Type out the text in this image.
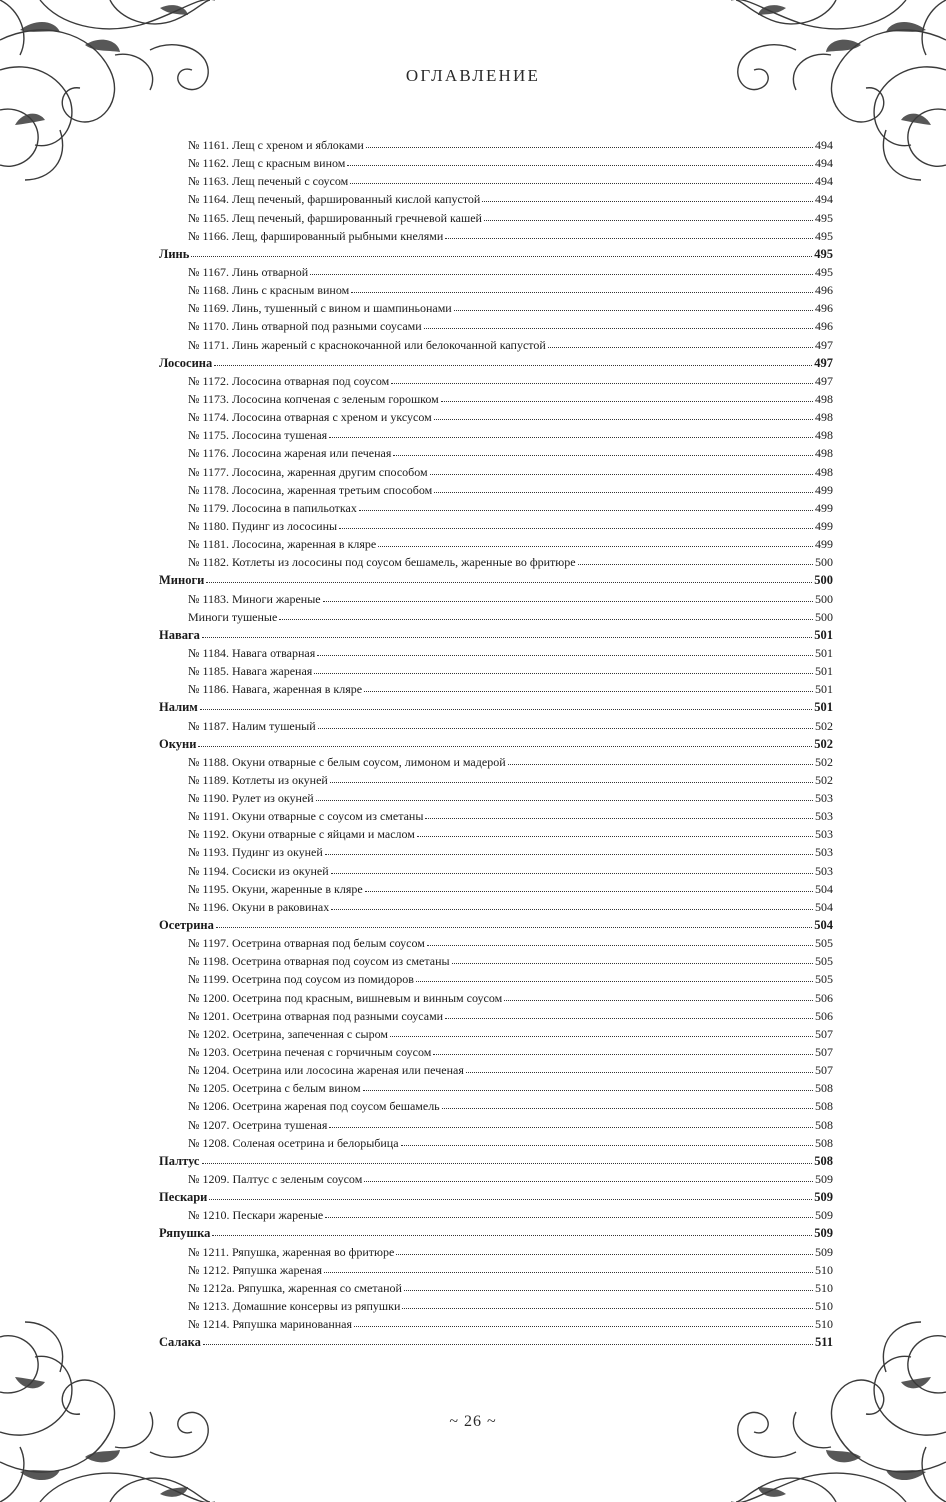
ОГЛАВЛЕНИЕ
№ 1161. Лещ с хреном и яблоками	494
№ 1162. Лещ с красным вином	494
№ 1163. Лещ печеный с соусом	494
№ 1164. Лещ печеный, фаршированный кислой капустой	494
№ 1165. Лещ печеный, фаршированный гречневой кашей	495
№ 1166. Лещ, фаршированный рыбными кнелями	495
Линь	495
№ 1167. Линь отварной	495
№ 1168. Линь с красным вином	496
№ 1169. Линь, тушенный с вином и шампиньонами	496
№ 1170. Линь отварной под разными соусами	496
№ 1171. Линь жареный с краснокочанной или белокочанной капустой	497
Лососина	497
№ 1172. Лососина отварная под соусом	497
№ 1173. Лососина копченая с зеленым горошком	498
№ 1174. Лососина отварная с хреном и уксусом	498
№ 1175. Лососина тушеная	498
№ 1176. Лососина жареная или печеная	498
№ 1177. Лососина, жаренная другим способом	498
№ 1178. Лососина, жаренная третьим способом	499
№ 1179. Лососина в папильотках	499
№ 1180. Пудинг из лососины	499
№ 1181. Лососина, жаренная в кляре	499
№ 1182. Котлеты из лососины под соусом бешамель, жаренные во фритюре	500
Миноги	500
№ 1183. Миноги жареные	500
Миноги тушеные	500
Навага	501
№ 1184. Навага отварная	501
№ 1185. Навага жареная	501
№ 1186. Навага, жаренная в кляре	501
Налим	501
№ 1187. Налим тушеный	502
Окуни	502
№ 1188. Окуни отварные с белым соусом, лимоном и мадерой	502
№ 1189. Котлеты из окуней	502
№ 1190. Рулет из окуней	503
№ 1191. Окуни отварные с соусом из сметаны	503
№ 1192. Окуни отварные с яйцами и маслом	503
№ 1193. Пудинг из окуней	503
№ 1194. Сосиски из окуней	503
№ 1195. Окуни, жаренные в кляре	504
№ 1196. Окуни в раковинах	504
Осетрина	504
№ 1197. Осетрина отварная под белым соусом	505
№ 1198. Осетрина отварная под соусом из сметаны	505
№ 1199. Осетрина под соусом из помидоров	505
№ 1200. Осетрина под красным, вишневым и винным соусом	506
№ 1201. Осетрина отварная под разными соусами	506
№ 1202. Осетрина, запеченная с сыром	507
№ 1203. Осетрина печеная с горчичным соусом	507
№ 1204. Осетрина или лососина жареная или печеная	507
№ 1205. Осетрина с белым вином	508
№ 1206. Осетрина жареная под соусом бешамель	508
№ 1207. Осетрина тушеная	508
№ 1208. Соленая осетрина и белорыбица	508
Палтус	508
№ 1209. Палтус с зеленым соусом	509
Пескари	509
№ 1210. Пескари жареные	509
Ряпушка	509
№ 1211. Ряпушка, жаренная во фритюре	509
№ 1212. Ряпушка жареная	510
№ 1212а. Ряпушка, жаренная со сметаной	510
№ 1213. Домашние консервы из ряпушки	510
№ 1214. Ряпушка маринованная	510
Салака	511
~ 26 ~
